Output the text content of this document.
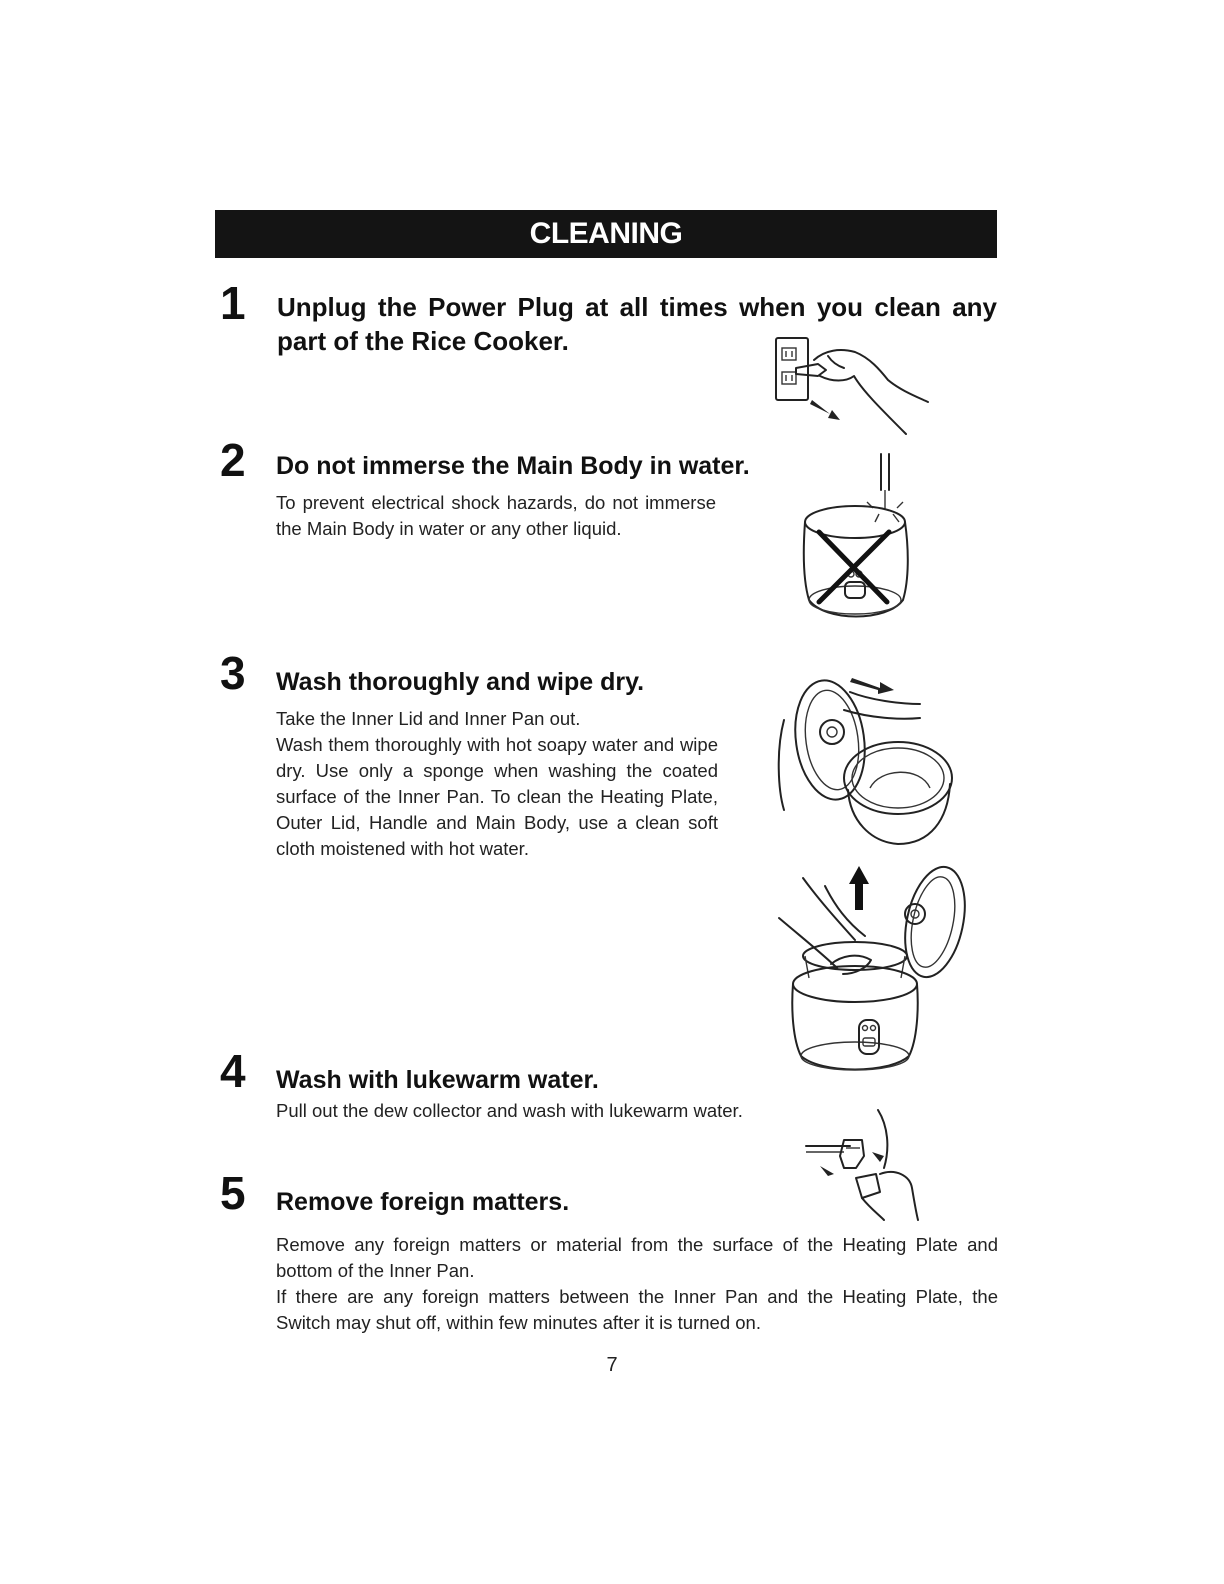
CLEANING
1 Unplug the Power Plug at all times when you clean any part of the Rice Cooker.
2 Do not immerse the Main Body in water.
To prevent electrical shock hazards, do not immerse the Main Body in water or any other liquid.
3 Wash thoroughly and wipe dry.
Take the Inner Lid and Inner Pan out.
Wash them thoroughly with hot soapy water and wipe dry. Use only a sponge when washing the coated surface of the Inner Pan. To clean the Heating Plate, Outer Lid, Handle and Main Body, use a clean soft cloth moistened with hot water.
4 Wash with lukewarm water.
Pull out the dew collector and wash with lukewarm water.
5 Remove foreign matters.
Remove any foreign matters or material from the surface of the Heating Plate and bottom of the Inner Pan.
If there are any foreign matters between the Inner Pan and the Heating Plate, the Switch may shut off, within few minutes after it is turned on.
7
